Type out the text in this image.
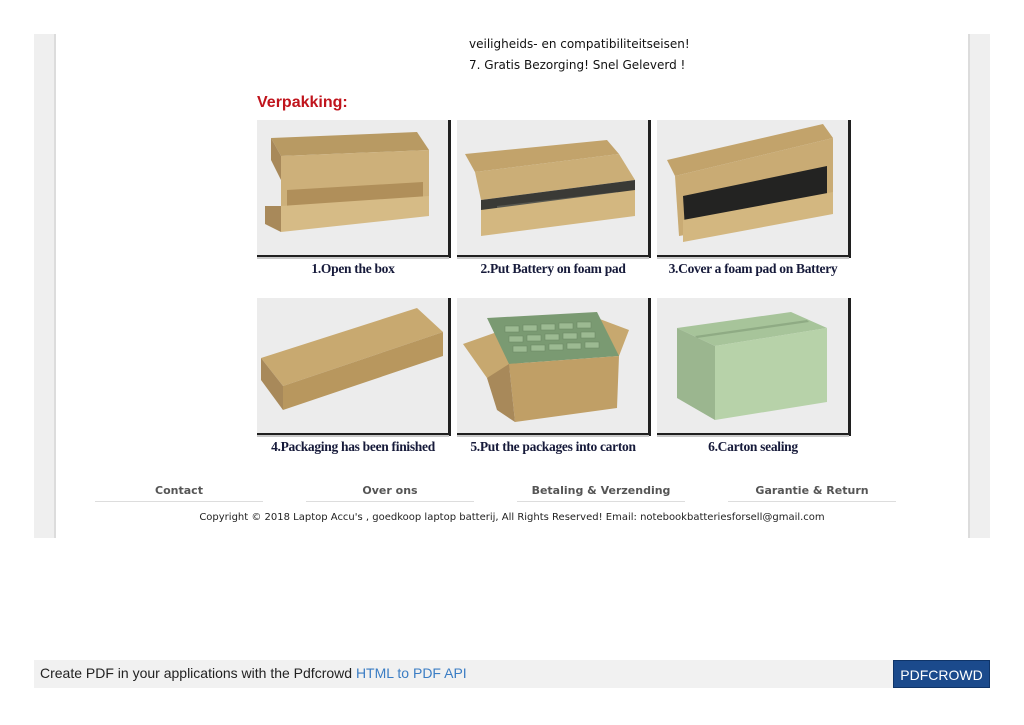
veiligheids- en compatibiliteitseisen!
7. Gratis Bezorging! Snel Geleverd !
Verpakking:
1.Open the box	2.Put Battery on foam pad	3.Cover a foam pad on Battery
4.Packaging has been finished	5.Put the packages into carton	6.Carton sealing
Contact	Over ons	Betaling & Verzending	Garantie & Return
Copyright © 2018 Laptop Accu's , goedkoop laptop batterij, All Rights Reserved! Email: notebookbatteriesforsell@gmail.com
Create PDF in your applications with the Pdfcrowd HTML to PDF API	PDFCROWD
